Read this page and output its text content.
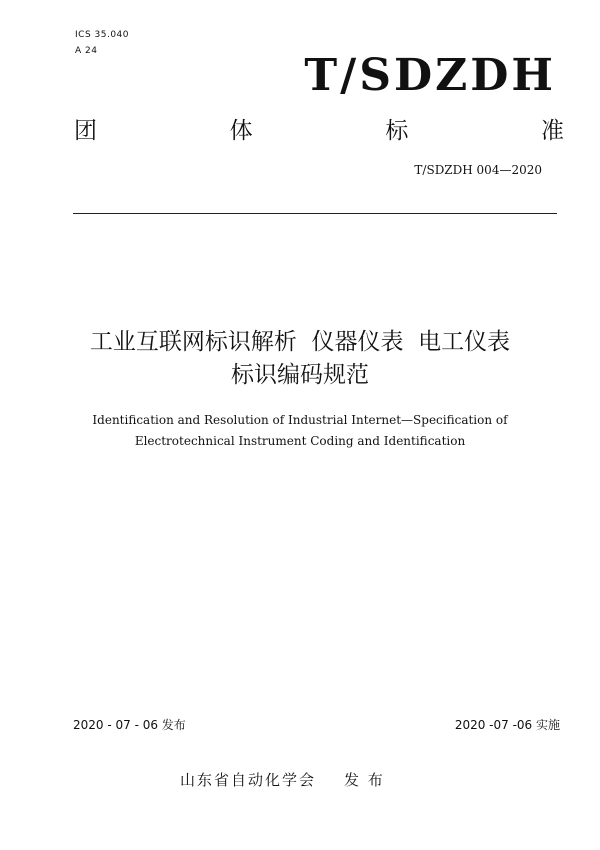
ICS 35.040
A 24	T/SDZDH
团	体	标	准
T/SDZDH 004—2020
工业互联网标识解析  仪器仪表  电工仪表
标识编码规范
Identification and Resolution of Industrial Internet—Specification of
Electrotechnical Instrument Coding and Identification
2020 - 07 - 06 发布	2020 -07 -06 实施
山东省自动化学会 发 布
